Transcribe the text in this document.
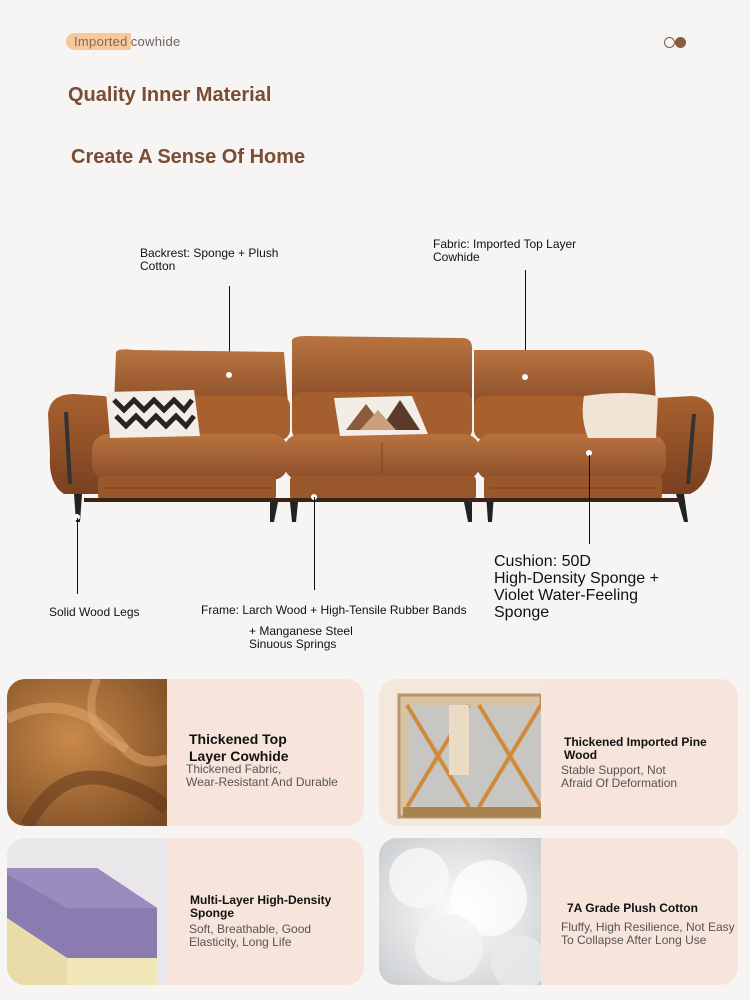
Imported cowhide
Quality Inner Material
Create A Sense Of Home
Backrest: Sponge + Plush
Cotton
Fabric: Imported Top Layer
Cowhide
Cushion: 50D
High-Density Sponge +
Violet Water-Feeling
Sponge
Solid Wood Legs	Frame: Larch Wood + High-Tensile Rubber Bands
+ Manganese Steel
Sinuous Springs
Thickened Top
Layer Cowhide
Thickened Fabric,
Wear-Resistant And Durable
Thickened Imported Pine
Wood
Stable Support, Not
Afraid Of Deformation
Multi-Layer High-Density
Sponge
Soft, Breathable, Good
Elasticity, Long Life
7A Grade Plush Cotton
Fluffy, High Resilience, Not Easy
To Collapse After Long Use
